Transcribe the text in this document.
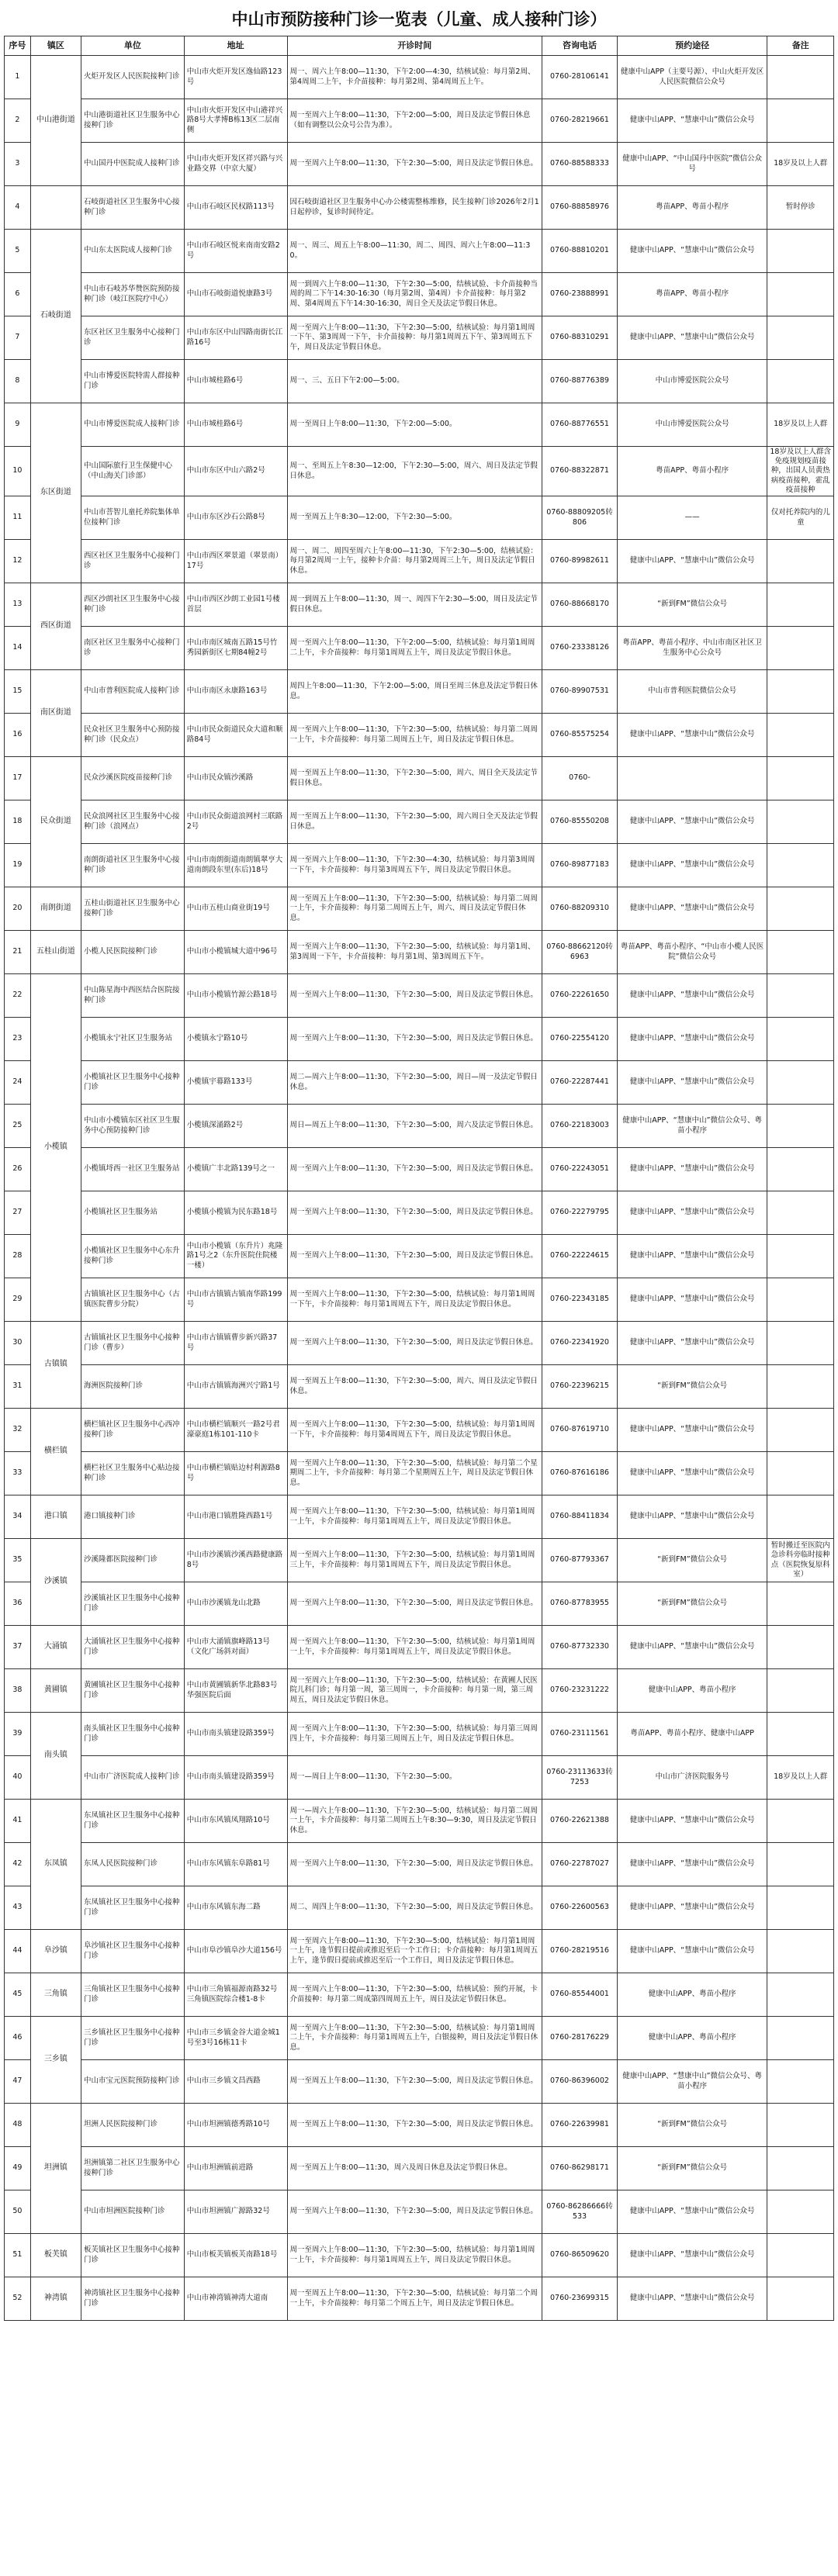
中山市预防接种门诊一览表（儿童、成人接种门诊）
序号	镇区	单位	地址	开诊时间	咨询电话	预约途径	备注
1	中山港街道	火炬开发区人民医院接种门诊	中山市火炬开发区逸仙路123号	周一、周六上午8:00—11:30，下午2:00—4:30，结核试验：每月第2周、第4周周二上午，卡介苗接种：每月第2周、第4周周五上午。	0760-28106141	健康中山APP（主要号源）、中山火炬开发区人民医院微信公众号	
2		中山港街道社区卫生服务中心接种门诊	中山市火炬开发区中山港祥兴路8号大孝博B栋13区二层南侧	周一至周六上午8:00—11:30，下午2:00—5:00，周日及法定节假日休息（如有调整以公众号公告为准）。	0760-28219661	健康中山APP、“慧康中山”微信公众号	
3		中山国丹中医院成人接种门诊	中山市火炬开发区祥兴路与兴业路交界（中京大厦）	周一至周六上午8:00—11:30，下午2:30—5:00，周日及法定节假日休息。	0760-88588333	健康中山APP、“中山国丹中医院”微信公众号	18岁及以上人群
4		石岐街道社区卫生服务中心接种门诊	中山市石岐区民权路113号	因石岐街道社区卫生服务中心办公楼需整栋维修，民生接种门诊2026年2月1日起停诊，复诊时间待定。	0760-88858976	粤苗APP、粤苗小程序	暂时停诊
5	石岐街道	中山东太医院成人接种门诊	中山市石岐区悦来南南安路2号	周一、周三、周五上午8:00—11:30，周二、周四、周六上午8:00—11:30。	0760-88810201	健康中山APP、“慧康中山”微信公众号	
6		中山市石岐苏华赞医院预防接种门诊（岐江医院疗中心）	中山市石岐街道悦康路3号	周一到周六上午8:00—11:30，下午2:30—5:00，结核试验、卡介苗接种当周的周二下午14:30-16:30（每月第2周、第4周）卡介苗接种：每月第2周、第4周周五下午14:30-16:30，周日全天及法定节假日休息。	0760-23888991	粤苗APP、粤苗小程序	
7		东区社区卫生服务中心接种门诊	中山市东区中山四路南街长江路16号	周一至周六上午8:00—11:30，下午2:30—5:00，结核试验：每月第1周周一下午、第3周周一下午，卡介苗接种：每月第1周周五下午、第3周周五下午，周日及法定节假日休息。	0760-88310291	健康中山APP、“慧康中山”微信公众号	
8		中山市博爱医院特需人群接种门诊	中山市城桂路6号	周一、三、五日下午2:00—5:00。	0760-88776389	中山市博爱医院公众号	
9	东区街道	中山市博爱医院成人接种门诊	中山市城桂路6号	周一至周日上午8:00—11:30，下午2:00—5:00。	0760-88776551	中山市博爱医院公众号	18岁及以上人群
10		中山国际旅行卫生保健中心（中山海关门诊部）	中山市东区中山六路2号	周一、至周五上午8:30—12:00，下午2:30—5:00，周六、周日及法定节假日休息。	0760-88322871	粤苗APP、粤苗小程序	18岁及以上人群含免疫规划疫苗接种，出国人员黄热病疫苗接种，霍乱疫苗接种
11		中山市菩智儿童托养院集体单位接种门诊	中山市东区沙石公路8号	周一至周五上午8:30—12:00，下午2:30—5:00。	0760-88809205转806	——	仅对托养院内的儿童
12		西区社区卫生服务中心接种门诊	中山市西区翠景道（翠景南）17号	周一、周二、周四至周六上午8:00—11:30，下午2:30—5:00，结核试验：每月第2周周一上午，接种卡介苗：每月第2周周三上午，周日及法定节假日休息。	0760-89982611	健康中山APP、“慧康中山”微信公众号	
13	西区街道	西区沙朗社区卫生服务中心接种门诊	中山市西区沙朗工业园1号楼首层	周一到周五上午8:00—11:30，周一、周四下午2:30—5:00，周日及法定节假日休息。	0760-88668170	“新到FM”微信公众号	
14		南区社区卫生服务中心接种门诊	中山市南区城南五路15号竹秀园新街区七期84幢2号	周一至周六上午8:00—11:30，下午2:00—5:00，结核试验：每月第1周周二上午，卡介苗接种：每月第1周周五上午，周日及法定节假日休息。	0760-23338126	粤苗APP、粤苗小程序、中山市南区社区卫生服务中心公众号	
15	南区街道	中山市普利医院成人接种门诊	中山市南区永康路163号	周四上午8:00—11:30，下午2:00—5:00，周日至周三休息及法定节假日休息。	0760-89907531	中山市普利医院微信公众号	
16		民众社区卫生服务中心预防接种门诊（民众点）	中山市民众街道民众大道和顺路84号	周一至周六上午8:00—11:30，下午2:30—5:00，结核试验：每月第二周周一上午，卡介苗接种：每月第二周周五上午，周日及法定节假日休息。	0760-85575254	健康中山APP、“慧康中山”微信公众号	
17	民众街道	民众沙溪医院疫苗接种门诊	中山市民众镇沙溪路	周一至周五上午8:00—11:30，下午2:30—5:00，周六、周日全天及法定节假日休息。	0760-		
18		民众浪网社区卫生服务中心接种门诊（浪网点）	中山市民众街道浪网村三联路2号	周一至周五上午8:00—11:30，下午2:30—5:00，周六周日全天及法定节假日休息。	0760-85550208	健康中山APP、“慧康中山”微信公众号	
19		南朗街道社区卫生服务中心接种门诊	中山市南朗街道南朗镇翠亨大道南朗段东里(东后)18号	周一至周六上午8:00—11:30，下午2:30—4:30，结核试验：每月第3周周一下午，卡介苗接种：每月第3周周五下午，周日及法定节假日休息。	0760-89877183	健康中山APP、“慧康中山”微信公众号	
20	南朗街道	五桂山街道社区卫生服务中心接种门诊	中山市五桂山商业街19号	周一至周五上午8:00—11:30，下午2:30—5:00，结核试验：每月第二周周一上午，卡介苗接种：每月第二周周五上午，周六、周日及法定节假日休息。	0760-88209310	健康中山APP、“慧康中山”微信公众号	
21	五桂山街道	小榄人民医院接种门诊	中山市小榄镇城大道中96号	周一至周六上午8:00—11:30，下午2:30—5:00，结核试验：每月第1周、第3周周一下午，卡介苗接种：每月第1周、第3周周五下午。	0760-88662120转6963	粤苗APP、粤苗小程序、“中山市小榄人民医院”微信公众号	
22	小榄镇	中山陈星海中西医结合医院接种门诊	中山市小榄镇竹源公路18号	周一至周六上午8:00—11:30，下午2:30—5:00，周日及法定节假日休息。	0760-22261650	健康中山APP、“慧康中山”微信公众号	
23		小榄镇永宁社区卫生服务站	小榄镇永宁路10号	周一至周六上午8:00—11:30，下午2:30—5:00，周日及法定节假日休息。	0760-22554120	健康中山APP、“慧康中山”微信公众号	
24		小榄镇社区卫生服务中心接种门诊	小榄镇宇幕路133号	周二—周六上午8:00—11:30，下午2:30—5:00，周日—周一及法定节假日休息。	0760-22287441	健康中山APP、“慧康中山”微信公众号	
25		中山市小榄镇东区社区卫生服务中心预防接种门诊	小榄镇深涌路2号	周日—周五上午8:00—11:30，下午2:30—5:00，周六及法定节假日休息。	0760-22183003	健康中山APP、“慧康中山”微信公众号、粤苗小程序	
26		小榄镇埒西一社区卫生服务站	小榄镇广丰北路139号之一	周一至周六上午8:00—11:30，下午2:30—5:00，周日及法定节假日休息。	0760-22243051	健康中山APP、“慧康中山”微信公众号	
27		小榄镇社区卫生服务站	小榄镇小榄镇为民东路18号	周一至周六上午8:00—11:30，下午2:30—5:00，周日及法定节假日休息。	0760-22279795	健康中山APP、“慧康中山”微信公众号	
28		小榄镇社区卫生服务中心东升接种门诊	中山市小榄镇（东升片）兆隆路1号之2（东升医院住院楼一楼）	周一至周六上午8:00—11:30，下午2:30—5:00，周日及法定节假日休息。	0760-22224615	健康中山APP、“慧康中山”微信公众号	
29		古镇镇社区卫生服务中心（古镇医院曹步分院）	中山市古镇镇古镇南华路199号	周一至周六上午8:00—11:30，下午2:30—5:00，结核试验：每月第1周周一下午，卡介苗接种：每月第1周周五下午，周日及法定节假日休息。	0760-22343185	健康中山APP、“慧康中山”微信公众号	
30	古镇镇	古镇镇社区卫生服务中心接种门诊（曹步）	中山市古镇镇曹步新兴路37号	周一至周六上午8:00—11:30，下午2:30—5:00，周日及法定节假日休息。	0760-22341920	健康中山APP、“慧康中山”微信公众号	
31		海洲医院接种门诊	中山市古镇镇海洲兴宁路1号	周一至周五上午8:00—11:30，下午2:30—5:00，周六、周日及法定节假日休息。	0760-22396215	“新到FM”微信公众号	
32	横栏镇	横栏镇社区卫生服务中心西冲接种门诊	中山市横栏镇顺兴一路2号君濠豪庭1栋101-110卡	周一至周六上午8:00—11:30，下午2:30—5:00，结核试验：每月第1周周一下午，卡介苗接种：每月第4周周五下午，周日及法定节假日休息。	0760-87619710	健康中山APP、“慧康中山”微信公众号	
33		横栏社区卫生服务中心贴边接种门诊	中山市横栏镇贴边村利源路8号	周一至周六上午8:00—11:30，下午2:30—5:00，结核试验：每月第二个星期周二上午，卡介苗接种：每月第二个星期周五上午，周日及法定节假日休息。	0760-87616186	健康中山APP、“慧康中山”微信公众号	
34	港口镇	港口镇接种门诊	中山市港口镇胜隆西路1号	周一至周六上午8:00—11:30，下午2:30—5:00，结核试验：每月第1周周一上午，卡介苗接种：每月第1周周五上午，周日及法定节假日休息。	0760-88411834	健康中山APP、“慧康中山”微信公众号	
35	沙溪镇	沙溪隆都医院接种门诊	中山市沙溪镇沙溪西路健康路8号	周一至周六上午8:00—11:30，下午2:30—5:00，结核试验：每月第1周周三上午，卡介苗接种：每月第1周周五下午，周日及法定节假日休息。	0760-87793367	“新到FM”微信公众号	暂时搬迁至医院内急诊科旁临时接种点（医院恢复原科室）
36		沙溪镇社区卫生服务中心接种门诊	中山市沙溪镇龙山北路	周一至周六上午8:00—11:30，下午2:30—5:00，周日及法定节假日休息。	0760-87783955	“新到FM”微信公众号	
37	大涌镇	大涌镇社区卫生服务中心接种门诊	中山市大涌镇旗峰路13号（文化广场斜对面）	周一至周六上午8:00—11:30，下午2:30—5:00，结核试验：每月第1周周一上午，卡介苗接种：每月第1周周五上午，周日及法定节假日休息。	0760-87732330	健康中山APP、“慧康中山”微信公众号	
38	黄圃镇	黄圃镇社区卫生服务中心接种门诊	中山市黄圃镇新华北路83号华强医院后面	周一至周六上午8:00—11:30，下午2:30—5:00，结核试验：在黄圃人民医院儿科门诊；每月第一周，第三周周一，卡介苗接种：每月第一周，第三周周五，周日及法定节假日休息。	0760-23231222	健康中山APP、粤苗小程序	
39	南头镇	南头镇社区卫生服务中心接种门诊	中山市南头镇建设路359号	周一至周六上午8:00—11:30，下午2:30—5:00，结核试验：每月第三周周四上午，卡介苗接种：每月第三周周五上午，周日及法定节假日休息。	0760-23111561	粤苗APP、粤苗小程序、健康中山APP	
40		中山市广济医院成人接种门诊	中山市南头镇建设路359号	周一—周日上午8:00—11:30，下午2:30—5:00。	0760-23113633转7253	中山市广济医院服务号	18岁及以上人群
41	东凤镇	东凤镇社区卫生服务中心接种门诊	中山市东风镇凤翔路10号	周一—周六上午8:00—11:30，下午2:30—5:00，结核试验：每月第二周周一上午，卡介苗接种：每月第二周周五上午8:30—9:30，周日及法定节假日休息。	0760-22621388	健康中山APP、“慧康中山”微信公众号	
42		东凤人民医院接种门诊	中山市东风镇东阜路81号	周一至周六上午8:00—11:30，下午2:30—5:00，周日及法定节假日休息。	0760-22787027	健康中山APP、“慧康中山”微信公众号	
43		东凤镇社区卫生服务中心接种门诊	中山市东风镇东海二路	周二、周四上午8:00—11:30，下午2:30—5:00，周日及法定节假日休息。	0760-22600563	健康中山APP、“慧康中山”微信公众号	
44	阜沙镇	阜沙镇社区卫生服务中心接种门诊	中山市阜沙镇阜沙大道156号	周一至周六上午8:00—11:30，下午2:30—5:00，结核试验：每月第1周周一上午，逢节假日提前或推迟至后一个工作日；卡介苗接种：每月第1周周五上午，逢节假日提前或推迟至后一个工作日，周日及法定节假日休息。	0760-28219516	健康中山APP、“慧康中山”微信公众号	
45	三角镇	三角镇社区卫生服务中心接种门诊	中山市三角镇福源南路32号三角镇医院综合楼1-8卡	周一至周六上午8:00—11:30，下午2:30—5:00，结核试验：预约开展，卡介苗接种：每月第二周成第四周周五上午，周日及法定节假日休息。	0760-85544001	健康中山APP、粤苗小程序	
46	三乡镇	三乡镇社区卫生服务中心接种门诊	中山市三乡镇金谷大道金城1号至3号16栋11卡	周一至周六上午8:00—11:30，下午2:30—5:00，结核试验：每月第1周周二上午，卡介苗接种：每月第1周周五上午，白银接种，周日及法定节假日休息。	0760-28176229	健康中山APP、粤苗小程序	
47		中山市宝元医院预防接种门诊	中山市三乡镇文昌西路	周一至周五上午8:00—11:30，下午2:30—5:00，周日及法定节假日休息。	0760-86396002	健康中山APP、“慧康中山”微信公众号、粤苗小程序	
48	坦洲镇	坦洲人民医院接种门诊	中山市坦洲镇德秀路10号	周一至周五上午8:00—11:30，下午2:30—5:00，周日及法定节假日休息。	0760-22639981	“新到FM”微信公众号	
49		坦洲镇第二社区卫生服务中心接种门诊	中山市坦洲镇前进路	周一至周五上午8:00—11:30，周六及周日休息及法定节假日休息。	0760-86298171	“新到FM”微信公众号	
50		中山市坦洲医院接种门诊	中山市坦洲镇广源路32号	周一至周六上午8:00—11:30，下午2:30—5:00，周日及法定节假日休息。	0760-86286666转533	健康中山APP、“慧康中山”微信公众号	
51	板芙镇	板芙镇社区卫生服务中心接种门诊	中山市板芙镇板芙南路18号	周一至周六上午8:00—11:30，下午2:30—5:00，结核试验：每月第1周周一上午，卡介苗接种：每月第1周周五上午，周日及法定节假日休息。	0760-86509620	健康中山APP、“慧康中山”微信公众号	
52	神湾镇	神湾镇社区卫生服务中心接种门诊	中山市神湾镇神湾大道南	周一至周五上午8:00—11:30，下午2:30—5:00，结核试验：每月第二个周一上午，卡介苗接种：每月第二个周五上午，周日及法定节假日休息。	0760-23699315	健康中山APP、“慧康中山”微信公众号	
